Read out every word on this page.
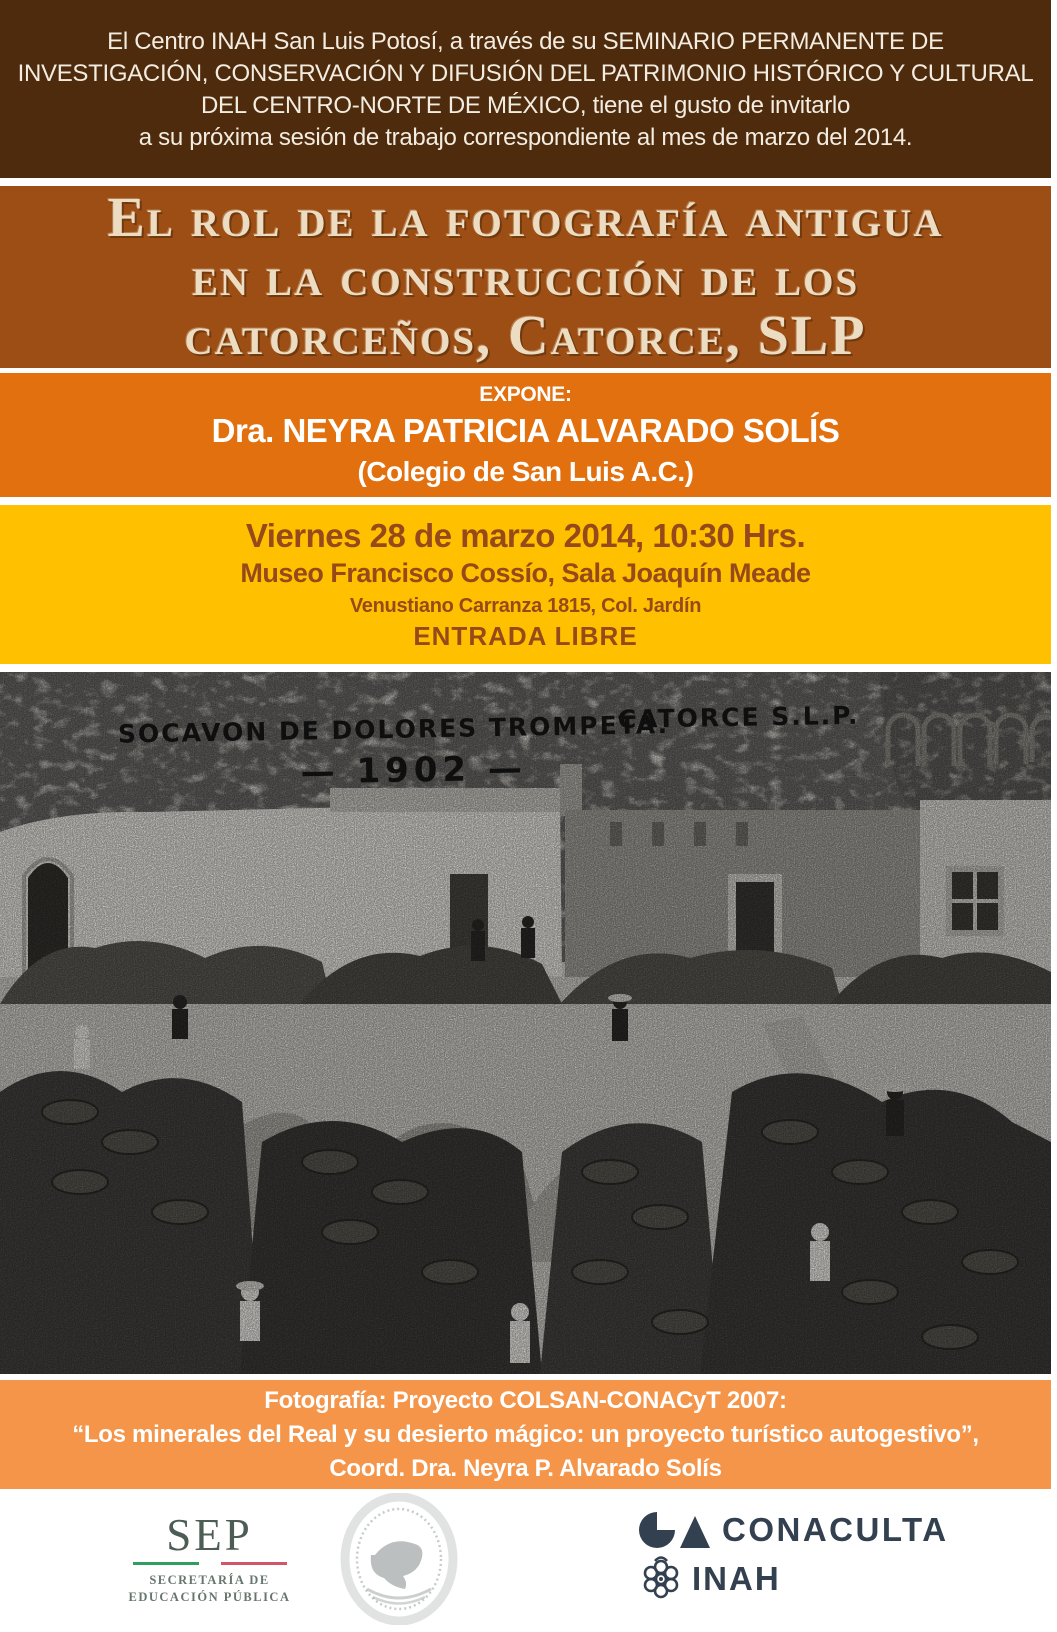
El Centro INAH San Luis Potosí, a través de su SEMINARIO PERMANENTE DE

INVESTIGACIÓN, CONSERVACIÓN Y DIFUSIÓN DEL PATRIMONIO HISTÓRICO Y CULTURAL

DEL CENTRO-NORTE DE MÉXICO, tiene el gusto de invitarlo

a su próxima sesión de trabajo correspondiente al mes de marzo del 2014.

El rol de la fotografía antigua
en la construcción de los
catorceños, Catorce, SLP

EXPONE:

Dra. NEYRA PATRICIA ALVARADO SOLÍS

(Colegio de San Luis A.C.)

Viernes 28 de marzo 2014, 10:30 Hrs.

Museo Francisco Cossío, Sala Joaquín Meade

Venustiano Carranza 1815, Col. Jardín

ENTRADA LIBRE

SOCAVON DE DOLORES TROMPETA.
CATORCE S.L.P.
— 1902 —

Fotografía: Proyecto COLSAN-CONACyT 2007:

“Los minerales del Real y su desierto mágico: un proyecto turístico autogestivo”,

Coord. Dra. Neyra P. Alvarado Solís

SEP
SECRETARÍA DE
EDUCACIÓN PÚBLICA
CONACULTA
INAH
